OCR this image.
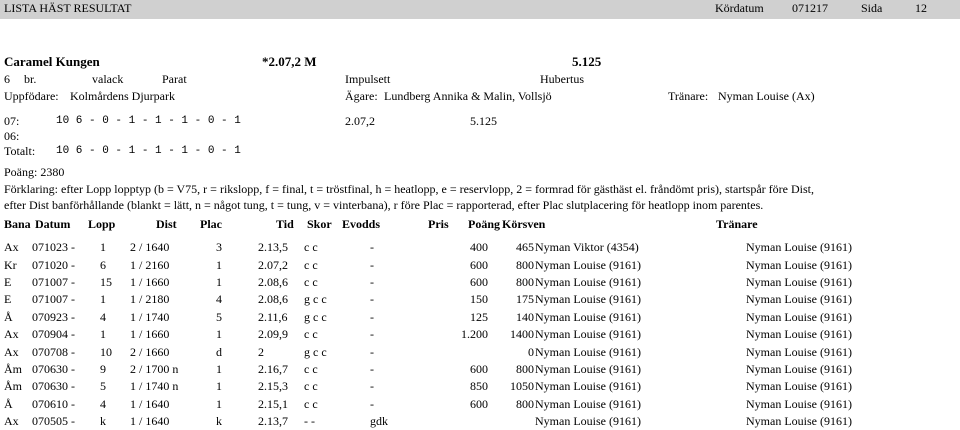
LISTA HÄST RESULTAT	Kördatum 071217	Sida	12
Caramel Kungen	*2.07,2 M	5.125
6 br.	valack	Parat	Impulsett	Hubertus
Uppfödare: Kolmårdens Djurpark	Ägare: Lundberg Annika & Malin, Vollsjö	Tränare: Nyman Louise (Ax)
07:	10 6 - 0 - 1 - 1 - 1 - 0 - 1	2.07,2	5.125
06:
Totalt: 10 6 - 0 - 1 - 1 - 1 - 0 - 1
Poäng: 2380
Förklaring: efter Lopp lopptyp (b = V75, r = rikslopp, f = final, t = tröstfinal, h = heatlopp, e = reservlopp, 2 = formrad för gästhäst el. fråndömt pris), startspår före Dist,
efter Dist banförhållande (blankt = lätt, n = något tung, t = tung, v = vinterbana), r före Plac = rapporterad, efter Plac slutplacering för heatlopp inom parentes.
Bana Datum Lopp	Dist Plac	Tid Skor Evodds	Pris Poäng Körsven	Tränare
Ax	071023 -	1	2 / 1640	3	2.13,5	c c	-	400	465	Nyman Viktor (4354)	Nyman Louise (9161)
Kr	071020 -	6	1 / 2160	1	2.07,2	c c	-	600	800	Nyman Louise (9161)	Nyman Louise (9161)
E	071007 -	15	1 / 1660	1	2.08,6	c c	-	600	800	Nyman Louise (9161)	Nyman Louise (9161)
E	071007 -	1	1 / 2180	4	2.08,6	g c c	-	150	175	Nyman Louise (9161)	Nyman Louise (9161)
Å	070923 -	4	1 / 1740	5	2.11,6	g c c	-	125	140	Nyman Louise (9161)	Nyman Louise (9161)
Ax	070904 -	1	1 / 1660	1	2.09,9	c c	-	1.200	1400	Nyman Louise (9161)	Nyman Louise (9161)
Ax	070708 -	10	2 / 1660	d	2	g c c	-		0	Nyman Louise (9161)	Nyman Louise (9161)
Åm	070630 -	9	2 / 1700 n	1	2.16,7	c c	-	600	800	Nyman Louise (9161)	Nyman Louise (9161)
Åm	070630 -	5	1 / 1740 n	1	2.15,3	c c	-	850	1050	Nyman Louise (9161)	Nyman Louise (9161)
Å	070610 -	4	1 / 1640	1	2.15,1	c c	-	600	800	Nyman Louise (9161)	Nyman Louise (9161)
Ax	070505 -	k	1 / 1640	k	2.13,7	- -	gdk			Nyman Louise (9161)	Nyman Louise (9161)
